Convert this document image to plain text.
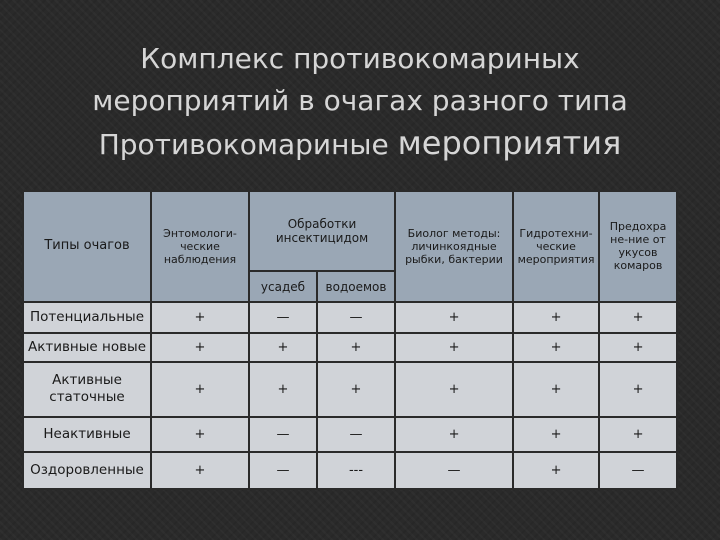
Комплекс противокомариных
мероприятий в очагах разного типа
Противокомариные мероприятия
Типы очагов	Энтомологи-ческие наблюдения	Обработки инсектицидом		Биолог методы: личинкоядные рыбки, бактерии	Гидротехни-ческие мероприятия	Предохра не-ние от укусов комаров
		усадеб	водоемов			
Потенциальные	+	—	—	+	+	+
Активные новые	+	+	+	+	+	+
Активные статочные	+	+	+	+	+	+
Неактивные	+	—	—	+	+	+
Оздоровленные	+	—	---	—	+	—
